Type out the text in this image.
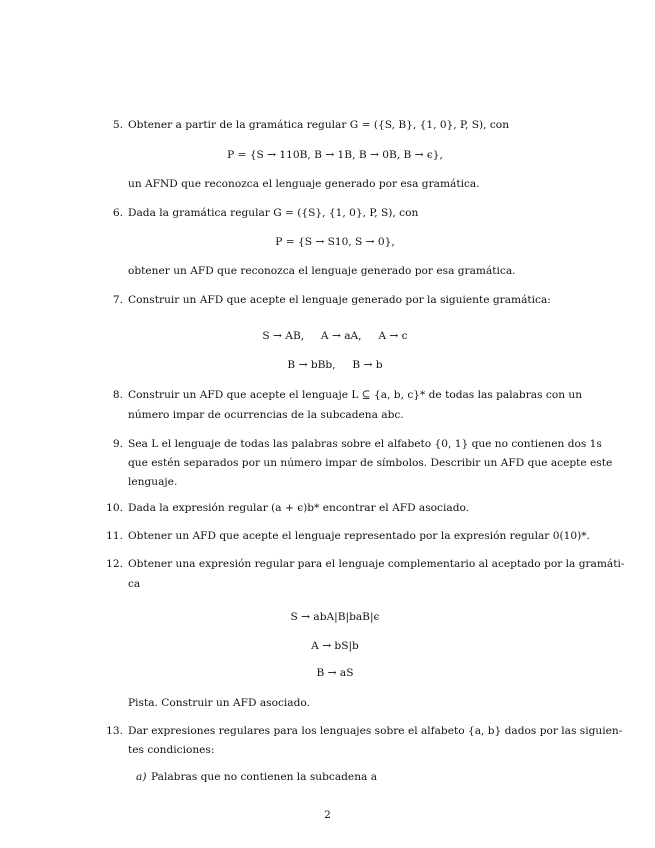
5. Obtener a partir de la gramática regular G = ({S, B}, {1, 0}, P, S), con
P = {S → 110B, B → 1B, B → 0B, B → ϵ},
un AFND que reconozca el lenguaje generado por esa gramática.
6. Dada la gramática regular G = ({S}, {1, 0}, P, S), con
P = {S → S10, S → 0},
obtener un AFD que reconozca el lenguaje generado por esa gramática.
7. Construir un AFD que acepte el lenguaje generado por la siguiente gramática:
S → AB,     A → aA,     A → c
B → bBb,     B → b
8. Construir un AFD que acepte el lenguaje L ⊆ {a, b, c}* de todas las palabras con un
número impar de ocurrencias de la subcadena abc.
9. Sea L el lenguaje de todas las palabras sobre el alfabeto {0, 1} que no contienen dos 1s
que estén separados por un número impar de símbolos. Describir un AFD que acepte este
lenguaje.
10. Dada la expresión regular (a + ϵ)b* encontrar el AFD asociado.
11. Obtener un AFD que acepte el lenguaje representado por la expresión regular 0(10)*.
12. Obtener una expresión regular para el lenguaje complementario al aceptado por la gramáti-
ca
S → abA|B|baB|ϵ
A → bS|b
B → aS
Pista. Construir un AFD asociado.
13. Dar expresiones regulares para los lenguajes sobre el alfabeto {a, b} dados por las siguien-
tes condiciones:
a) Palabras que no contienen la subcadena a
2
